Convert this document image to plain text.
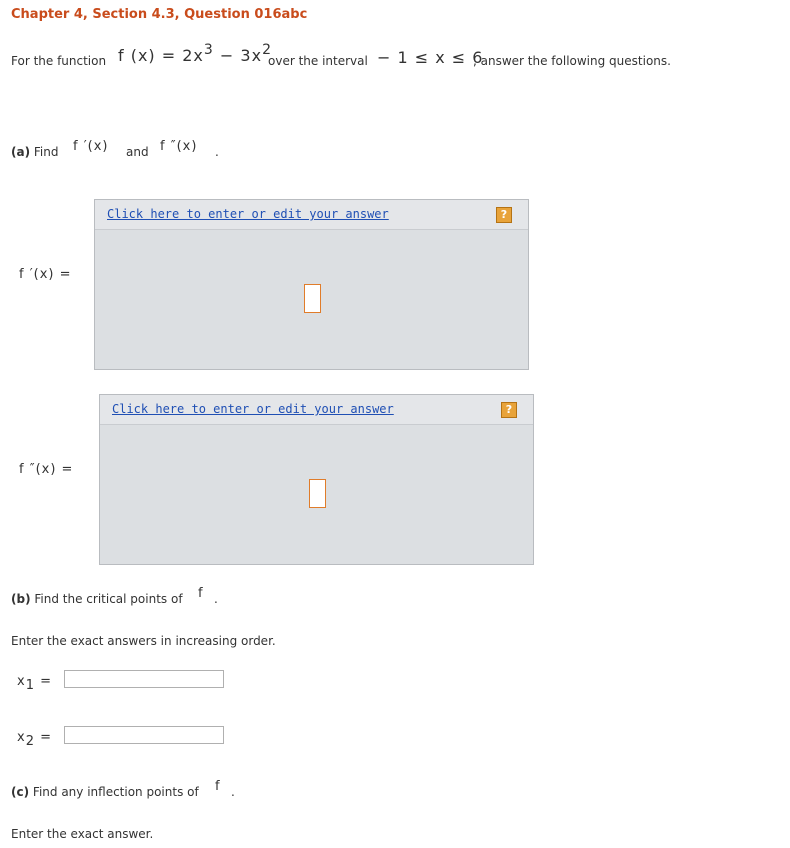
Chapter 4, Section 4.3, Question 016abc
For the function f $(x) = 2x^3 - 3x^2$
over the interval − 1 ≤ x ≤ 6
, answer the following questions.
(a) Find f ′(x) and f ″(x) .
f ′(x) =
Click here to enter or edit your answer	?
f ″(x) =
Click here to enter or edit your answer	?
(b) Find the critical points of f .
Enter the exact answers in increasing order.
$x_1$ =
$x_2$ =
(c) Find any inflection points of f .
Enter the exact answer.
